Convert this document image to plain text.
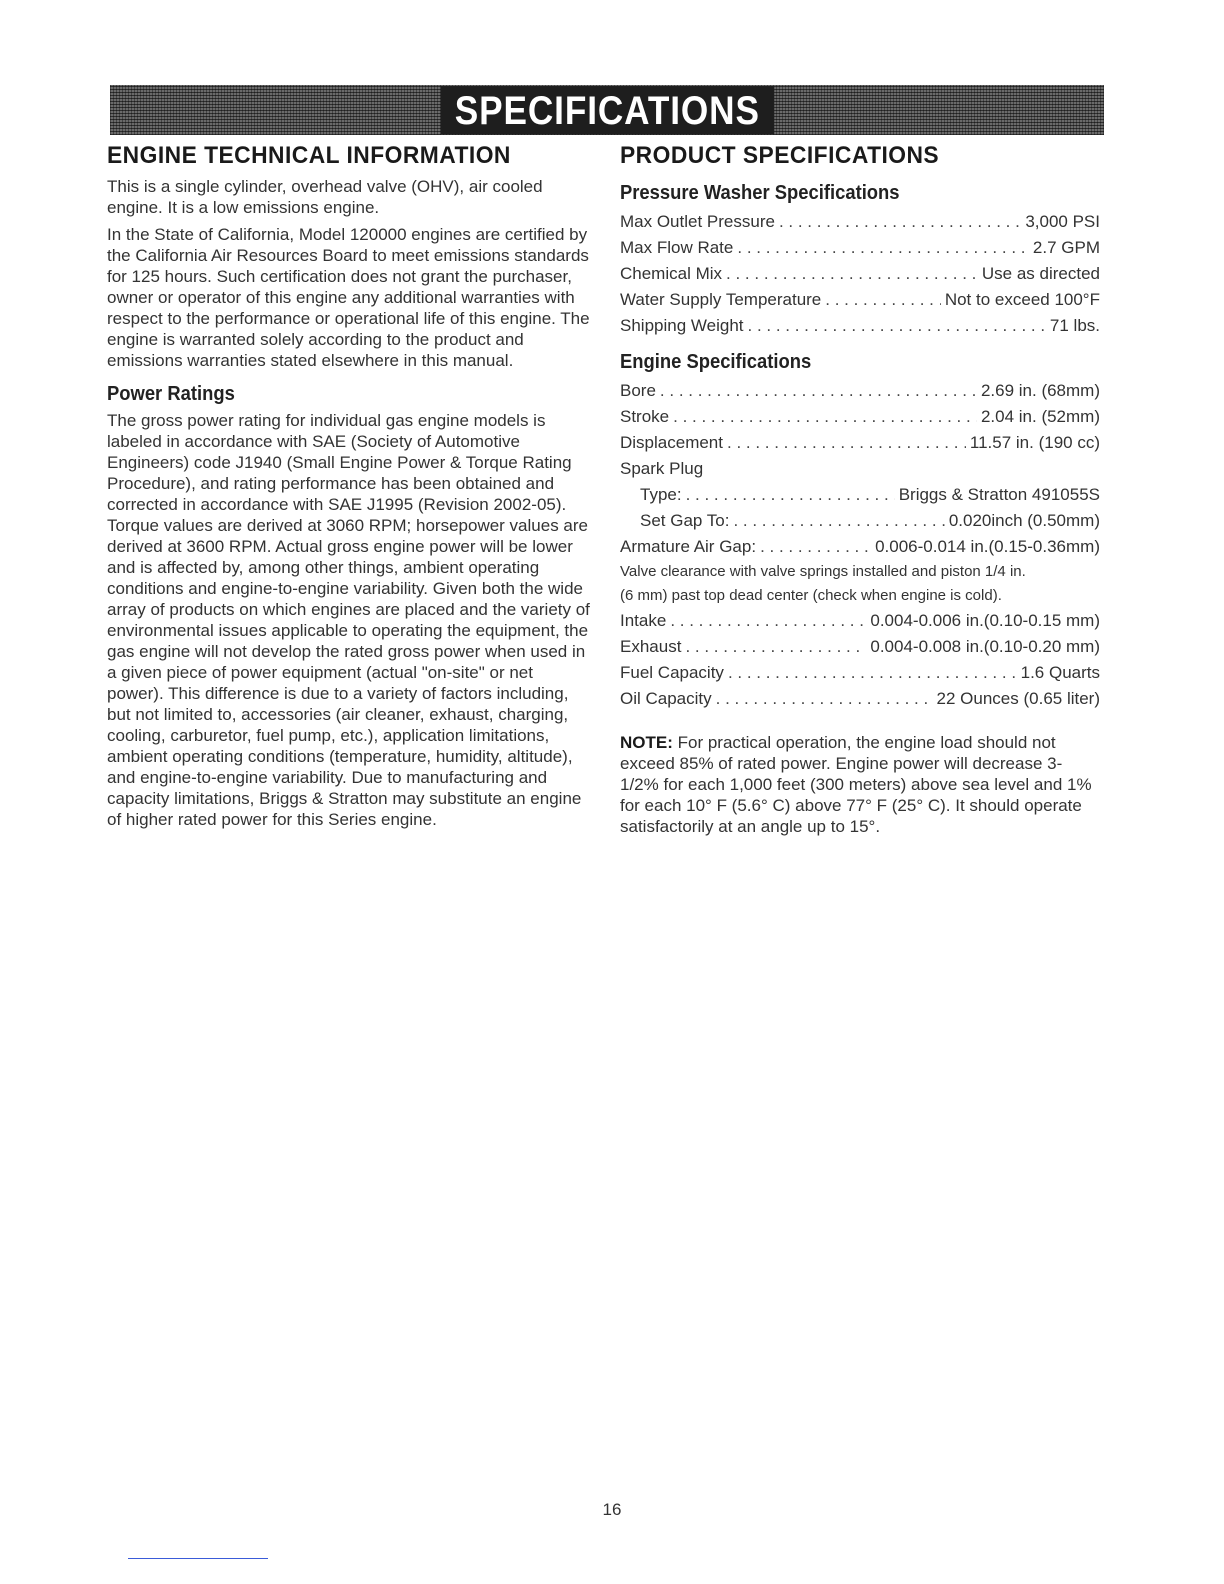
SPECIFICATIONS
ENGINE TECHNICAL INFORMATION

This is a single cylinder, overhead valve (OHV), air cooled engine. It is a low emissions engine.

In the State of California, Model 120000 engines are certified by the California Air Resources Board to meet emissions standards for 125 hours. Such certification does not grant the purchaser, owner or operator of this engine any additional warranties with respect to the performance or operational life of this engine. The engine is warranted solely according to the product and emissions warranties stated elsewhere in this manual.

Power Ratings

The gross power rating for individual gas engine models is labeled in accordance with SAE (Society of Automotive Engineers) code J1940 (Small Engine Power & Torque Rating Procedure), and rating performance has been obtained and corrected in accordance with SAE J1995 (Revision 2002-05). Torque values are derived at 3060 RPM; horsepower values are derived at 3600 RPM. Actual gross engine power will be lower and is affected by, among other things, ambient operating conditions and engine-to-engine variability. Given both the wide array of products on which engines are placed and the variety of environmental issues applicable to operating the equipment, the gas engine will not develop the rated gross power when used in a given piece of power equipment (actual "on-site" or net power). This difference is due to a variety of factors including, but not limited to, accessories (air cleaner, exhaust, charging, cooling, carburetor, fuel pump, etc.), application limitations, ambient operating conditions (temperature, humidity, altitude), and engine-to-engine variability. Due to manufacturing and capacity limitations, Briggs & Stratton may substitute an engine of higher rated power for this Series engine.

PRODUCT SPECIFICATIONS
Pressure Washer Specifications
Max Outlet Pressure . . .	3,000 PSI
Max Flow Rate . . .	2.7 GPM
Chemical Mix . . .	Use as directed
Water Supply Temperature . . .	Not to exceed 100°F
Shipping Weight . . .	71 lbs.
Engine Specifications
Bore . . .	2.69 in. (68mm)
Stroke . . .	2.04 in. (52mm)
Displacement . . .	11.57 in. (190 cc)
Spark Plug
Type: . . .	Briggs & Stratton 491055S
Set Gap To: . . .	0.020inch (0.50mm)
Armature Air Gap: . . .	0.006-0.014 in.(0.15-0.36mm)
Valve clearance with valve springs installed and piston 1/4 in.
(6 mm) past top dead center (check when engine is cold).
Intake . . .	0.004-0.006 in.(0.10-0.15 mm)
Exhaust . . .	0.004-0.008 in.(0.10-0.20 mm)
Fuel Capacity . . .	1.6 Quarts
Oil Capacity . . .	22 Ounces (0.65 liter)
NOTE: For practical operation, the engine load should not exceed 85% of rated power. Engine power will decrease 3-1/2% for each 1,000 feet (300 meters) above sea level and 1% for each 10° F (5.6° C) above 77° F (25° C). It should operate satisfactorily at an angle up to 15°.
16
